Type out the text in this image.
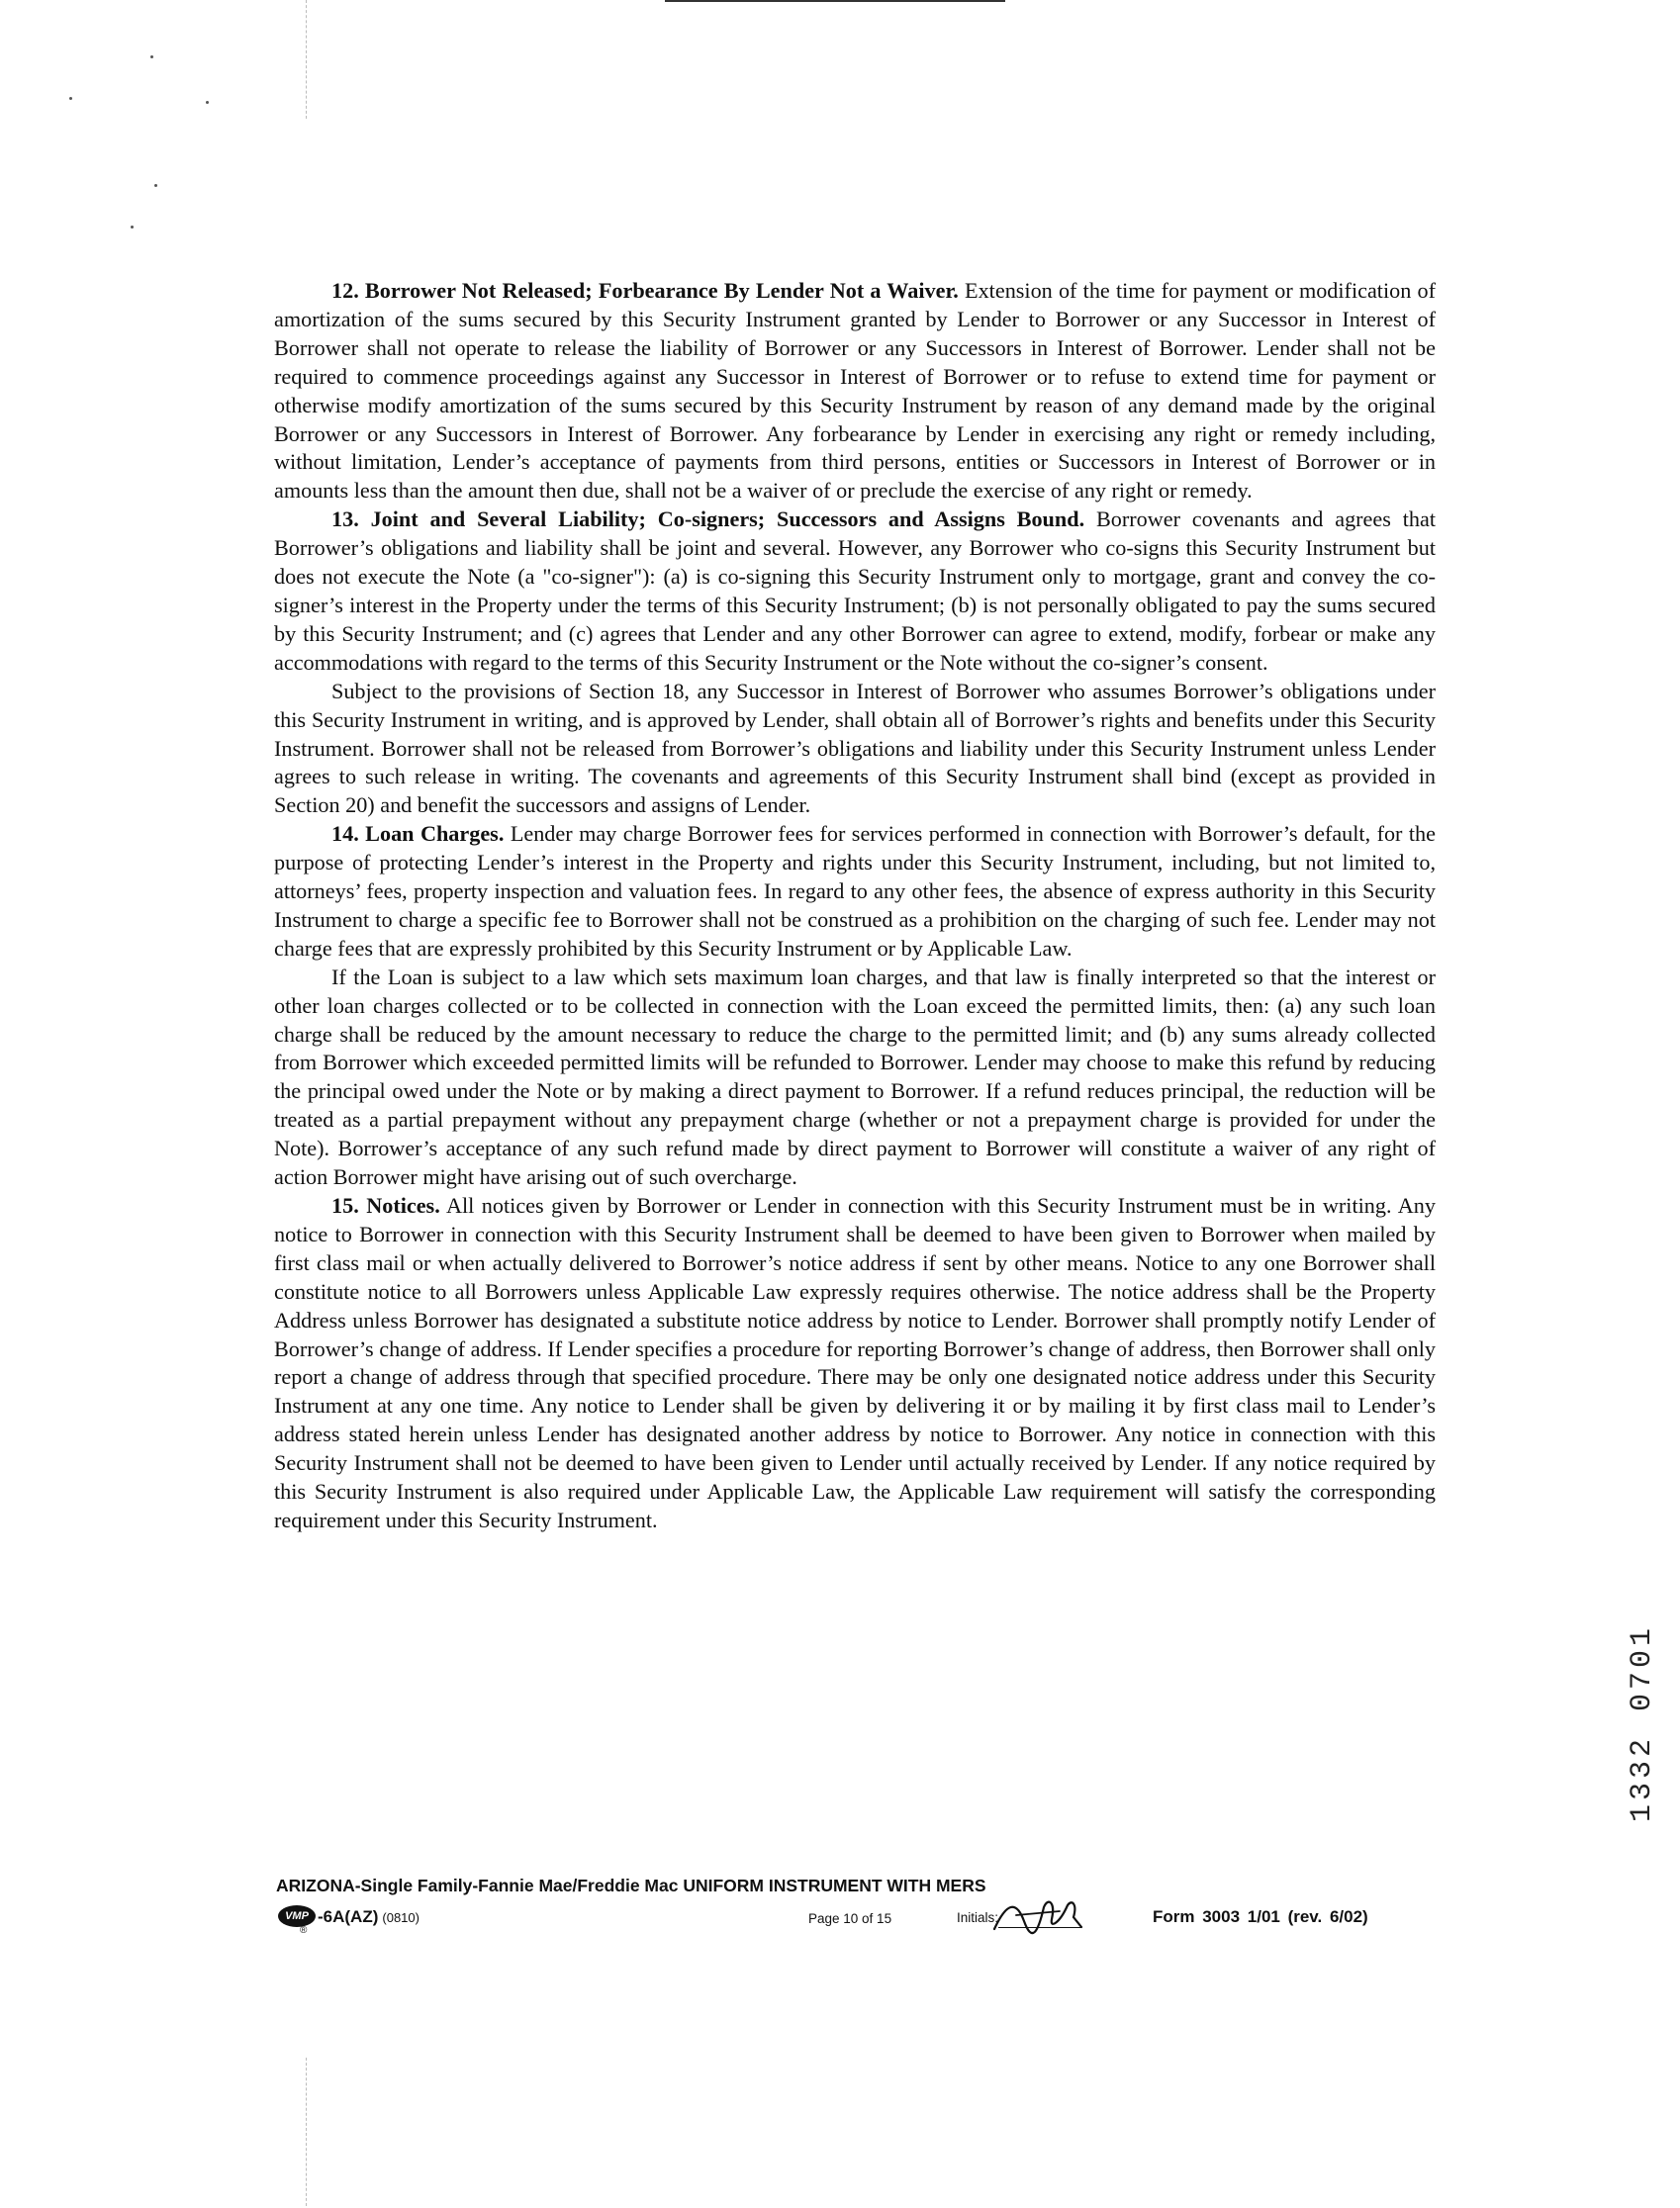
12. Borrower Not Released; Forbearance By Lender Not a Waiver. Extension of the time for payment or modification of amortization of the sums secured by this Security Instrument granted by Lender to Borrower or any Successor in Interest of Borrower shall not operate to release the liability of Borrower or any Successors in Interest of Borrower. Lender shall not be required to commence proceedings against any Successor in Interest of Borrower or to refuse to extend time for payment or otherwise modify amortization of the sums secured by this Security Instrument by reason of any demand made by the original Borrower or any Successors in Interest of Borrower. Any forbearance by Lender in exercising any right or remedy including, without limitation, Lender’s acceptance of payments from third persons, entities or Successors in Interest of Borrower or in amounts less than the amount then due, shall not be a waiver of or preclude the exercise of any right or remedy.

13. Joint and Several Liability; Co-signers; Successors and Assigns Bound. Borrower covenants and agrees that Borrower’s obligations and liability shall be joint and several. However, any Borrower who co-signs this Security Instrument but does not execute the Note (a "co-signer"): (a) is co-signing this Security Instrument only to mortgage, grant and convey the co-signer’s interest in the Property under the terms of this Security Instrument; (b) is not personally obligated to pay the sums secured by this Security Instrument; and (c) agrees that Lender and any other Borrower can agree to extend, modify, forbear or make any accommodations with regard to the terms of this Security Instrument or the Note without the co-signer’s consent.

Subject to the provisions of Section 18, any Successor in Interest of Borrower who assumes Borrower’s obligations under this Security Instrument in writing, and is approved by Lender, shall obtain all of Borrower’s rights and benefits under this Security Instrument. Borrower shall not be released from Borrower’s obligations and liability under this Security Instrument unless Lender agrees to such release in writing. The covenants and agreements of this Security Instrument shall bind (except as provided in Section 20) and benefit the successors and assigns of Lender.

14. Loan Charges. Lender may charge Borrower fees for services performed in connection with Borrower’s default, for the purpose of protecting Lender’s interest in the Property and rights under this Security Instrument, including, but not limited to, attorneys’ fees, property inspection and valuation fees. In regard to any other fees, the absence of express authority in this Security Instrument to charge a specific fee to Borrower shall not be construed as a prohibition on the charging of such fee. Lender may not charge fees that are expressly prohibited by this Security Instrument or by Applicable Law.

If the Loan is subject to a law which sets maximum loan charges, and that law is finally interpreted so that the interest or other loan charges collected or to be collected in connection with the Loan exceed the permitted limits, then: (a) any such loan charge shall be reduced by the amount necessary to reduce the charge to the permitted limit; and (b) any sums already collected from Borrower which exceeded permitted limits will be refunded to Borrower. Lender may choose to make this refund by reducing the principal owed under the Note or by making a direct payment to Borrower. If a refund reduces principal, the reduction will be treated as a partial prepayment without any prepayment charge (whether or not a prepayment charge is provided for under the Note). Borrower’s acceptance of any such refund made by direct payment to Borrower will constitute a waiver of any right of action Borrower might have arising out of such overcharge.

15. Notices. All notices given by Borrower or Lender in connection with this Security Instrument must be in writing. Any notice to Borrower in connection with this Security Instrument shall be deemed to have been given to Borrower when mailed by first class mail or when actually delivered to Borrower’s notice address if sent by other means. Notice to any one Borrower shall constitute notice to all Borrowers unless Applicable Law expressly requires otherwise. The notice address shall be the Property Address unless Borrower has designated a substitute notice address by notice to Lender. Borrower shall promptly notify Lender of Borrower’s change of address. If Lender specifies a procedure for reporting Borrower’s change of address, then Borrower shall only report a change of address through that specified procedure. There may be only one designated notice address under this Security Instrument at any one time. Any notice to Lender shall be given by delivering it or by mailing it by first class mail to Lender’s address stated herein unless Lender has designated another address by notice to Borrower. Any notice in connection with this Security Instrument shall not be deemed to have been given to Lender until actually received by Lender. If any notice required by this Security Instrument is also required under Applicable Law, the Applicable Law requirement will satisfy the corresponding requirement under this Security Instrument.

ARIZONA-Single Family-Fannie Mae/Freddie Mac UNIFORM INSTRUMENT WITH MERS
VMP
®
-6A(AZ) (0810)	Page 10 of 15	Initials:	Form 3003 1/01 (rev. 6/02)
13320701
